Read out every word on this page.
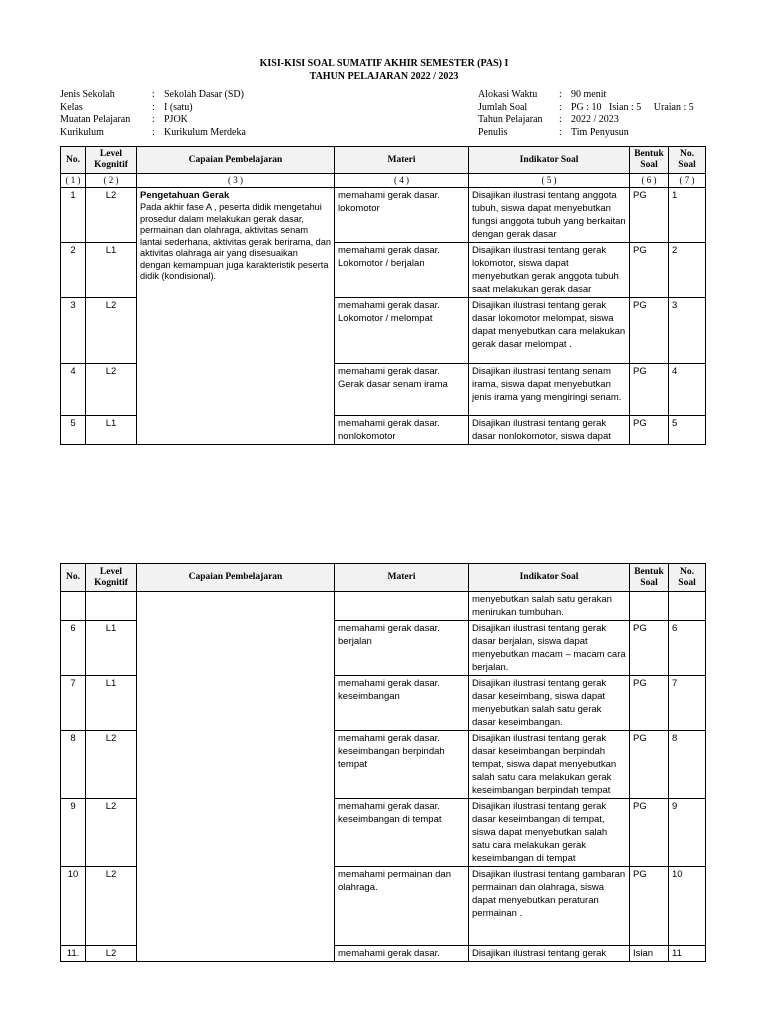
KISI-KISI SOAL SUMATIF AKHIR SEMESTER (PAS) I
TAHUN PELAJARAN 2022 / 2023
Jenis Sekolah	: Sekolah Dasar (SD)
Kelas	: I (satu)
Muatan Pelajaran	: PJOK
Kurikulum	: Kurikulum Merdeka
Alokasi Waktu	: 90 menit
Jumlah Soal	: PG : 10   Isian : 5     Uraian : 5
Tahun Pelajaran	: 2022 / 2023
Penulis	: Tim Penyusun
No.	Level Kognitif	Capaian Pembelajaran	Materi	Indikator Soal	Bentuk Soal	No. Soal
( 1 )	( 2 )	( 3 )	( 4 )	( 5 )	( 6 )	( 7 )
1	L2	Pengetahuan Gerak
Pada akhir fase A , peserta didik mengetahui prosedur dalam melakukan gerak dasar, permainan dan olahraga, aktivitas senam lantai sederhana, aktivitas gerak berirama, dan aktivitas olahraga air yang disesuaikan dengan kemampuan juga karakteristik peserta didik (kondisional).	memahami gerak dasar. lokomotor	Disajikan ilustrasi tentang anggota tubuh, siswa dapat menyebutkan fungsi anggota tubuh yang berkaitan dengan gerak dasar	PG	1
2	L1		memahami gerak dasar. Lokomotor / berjalan	Disajikan ilustrasi tentang gerak lokomotor, siswa dapat menyebutkan gerak anggota tubuh saat melakukan gerak dasar	PG	2
3	L2		memahami gerak dasar. Lokomotor / melompat	Disajikan ilustrasi tentang gerak dasar lokomotor melompat, siswa dapat menyebutkan cara melakukan gerak dasar melompat .	PG	3
4	L2		memahami gerak dasar. Gerak dasar senam irama	Disajikan ilustrasi tentang senam irama, siswa dapat menyebutkan jenis irama yang mengiringi senam.	PG	4
5	L1		memahami gerak dasar. nonlokomotor	Disajikan ilustrasi tentang gerak dasar nonlokomotor, siswa dapat	PG	5
No.	Level Kognitif	Capaian Pembelajaran	Materi	Indikator Soal	Bentuk Soal	No. Soal
				menyebutkan salah satu gerakan menirukan tumbuhan.		
6	L1		memahami gerak dasar. berjalan	Disajikan ilustrasi tentang gerak dasar berjalan, siswa dapat menyebutkan macam – macam cara berjalan.	PG	6
7	L1		memahami gerak dasar. keseimbangan	Disajikan ilustrasi tentang gerak dasar keseimbang, siswa dapat menyebutkan salah satu gerak dasar keseimbangan.	PG	7
8	L2		memahami gerak dasar. keseimbangan berpindah tempat	Disajikan ilustrasi tentang gerak dasar keseimbangan berpindah tempat, siswa dapat menyebutkan salah satu cara melakukan gerak keseimbangan berpindah tempat	PG	8
9	L2		memahami gerak dasar. keseimbangan di tempat	Disajikan ilustrasi tentang gerak dasar keseimbangan di tempat, siswa dapat menyebutkan salah satu cara melakukan gerak keseimbangan di tempat	PG	9
10	L2		memahami permainan dan olahraga.	Disajikan ilustrasi tentang gambaran permainan dan olahraga, siswa dapat menyebutkan peraturan permainan .	PG	10
11.	L2		memahami gerak dasar.	Disajikan ilustrasi tentang gerak	Isian	11
